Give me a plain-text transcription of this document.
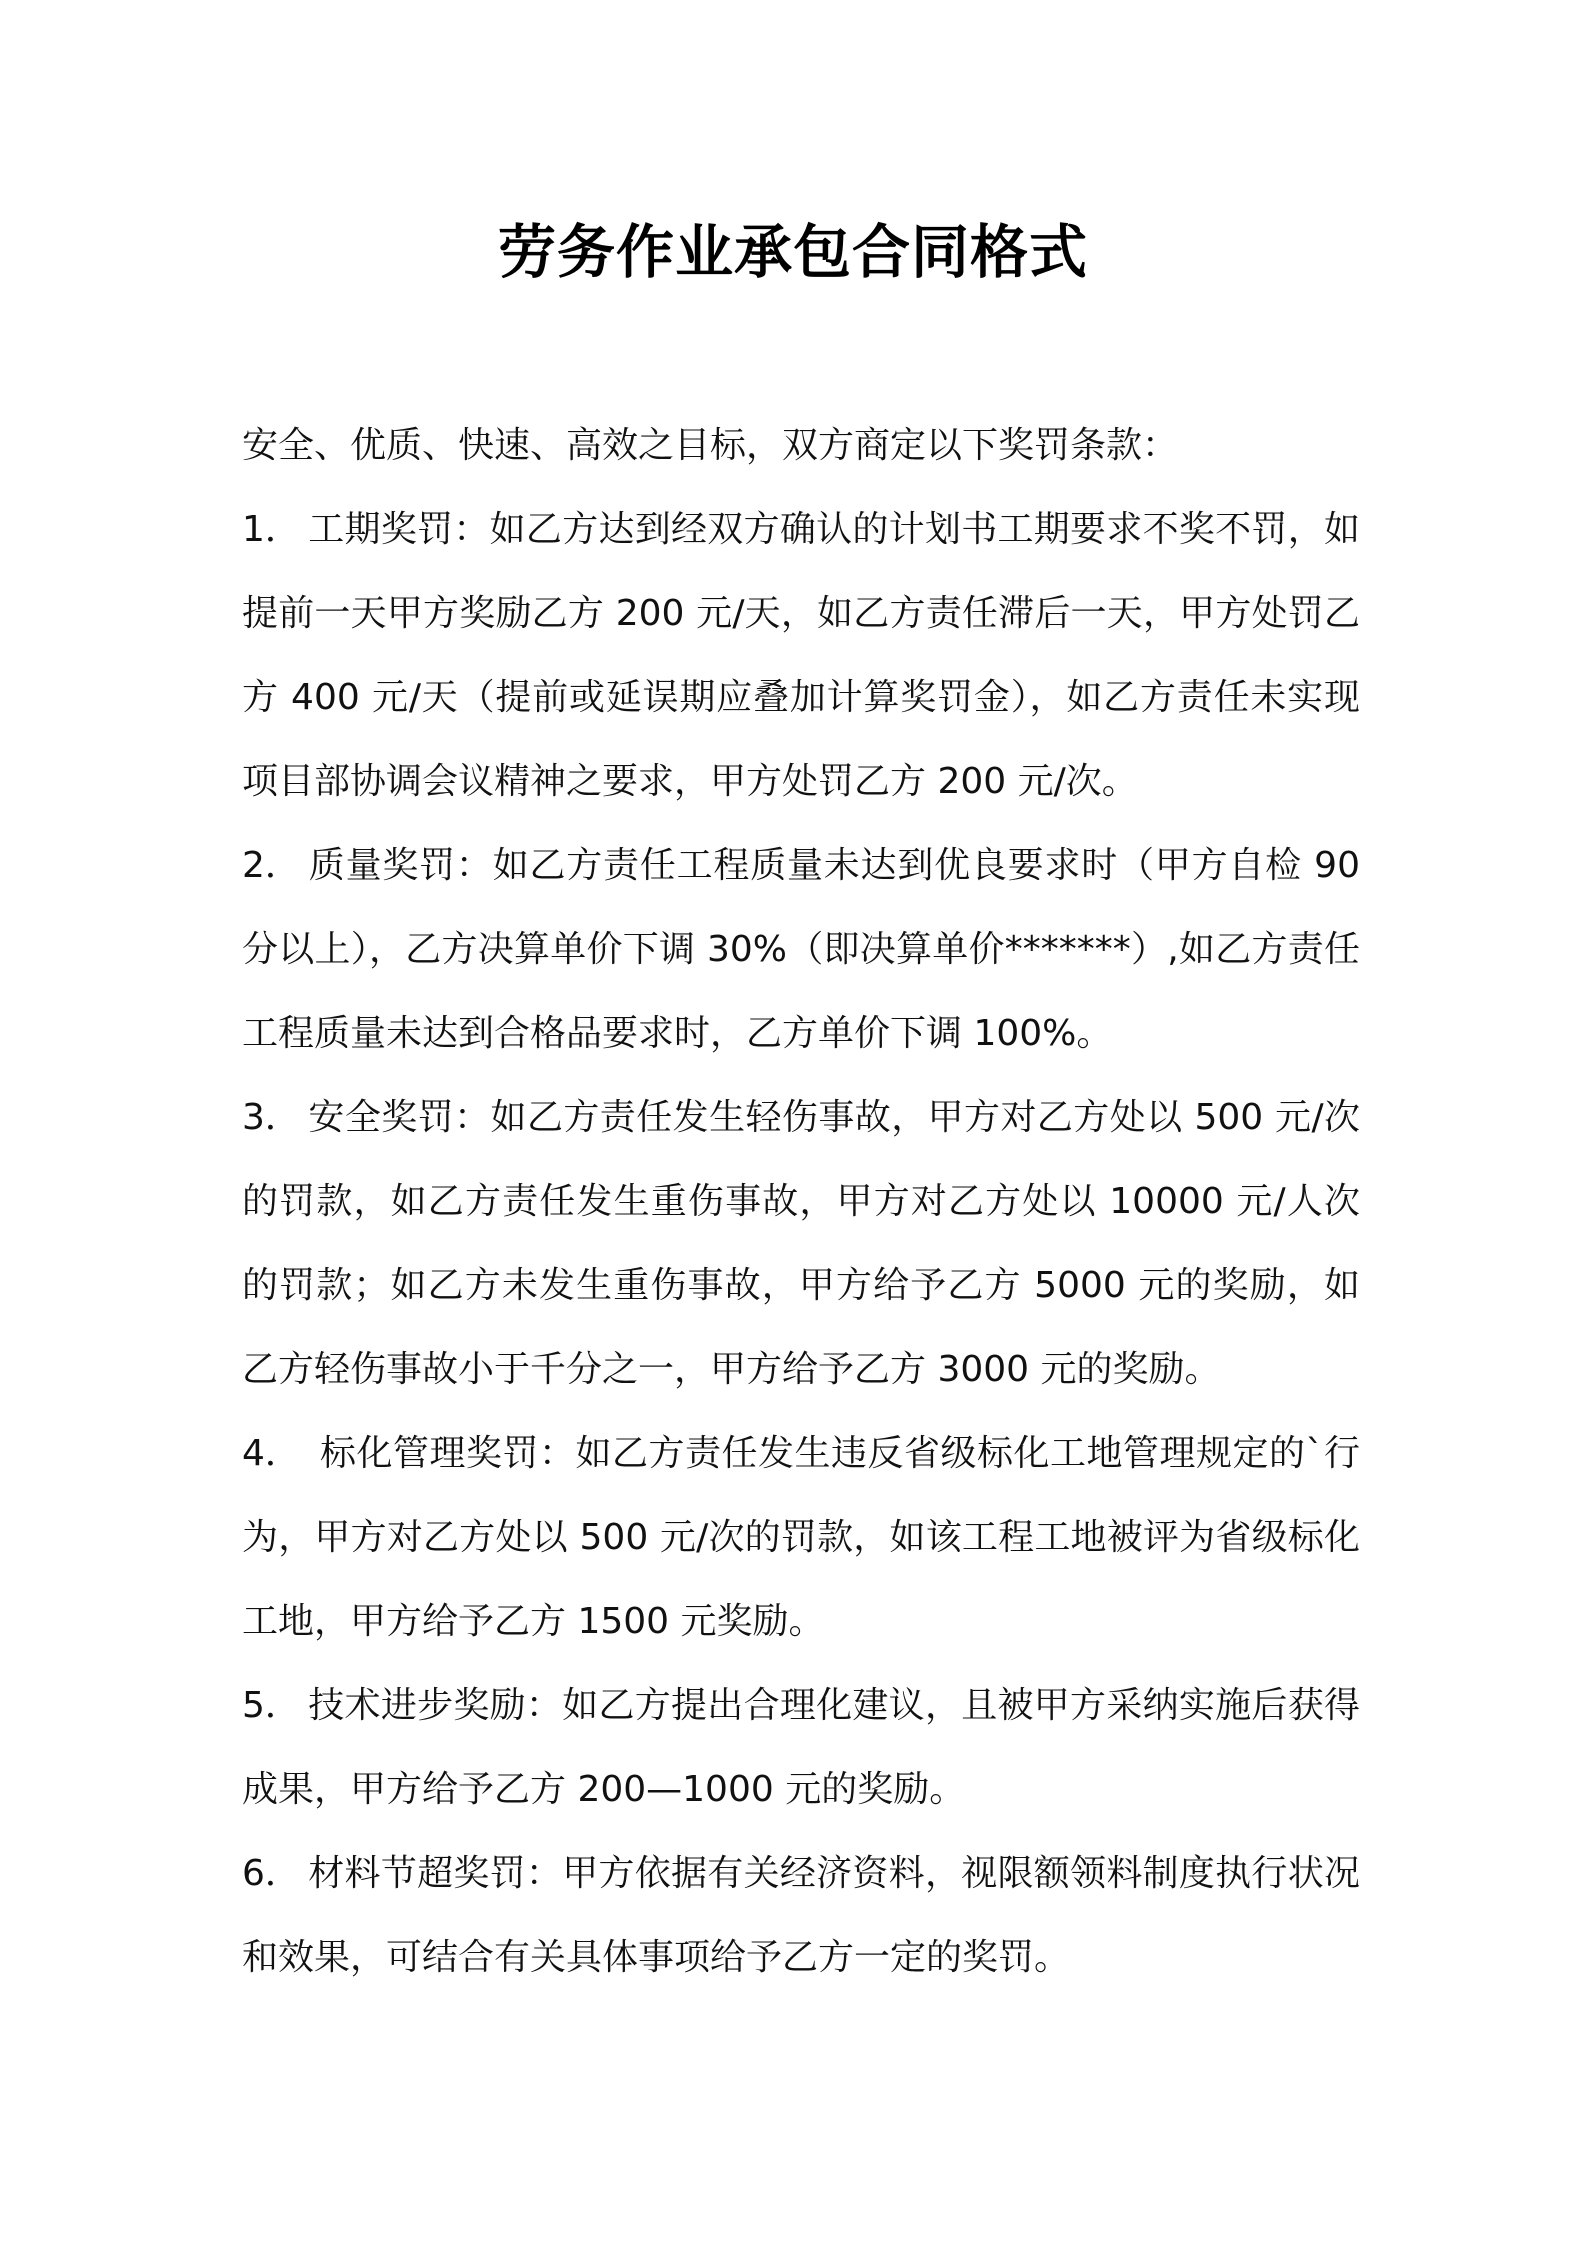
劳务作业承包合同格式

安全、优质、快速、高效之目标，双方商定以下奖罚条款：

1． 工期奖罚：如乙方达到经双方确认的计划书工期要求不奖不罚，如提前一天甲方奖励乙方 200 元/天，如乙方责任滞后一天，甲方处罚乙方 400 元/天（提前或延误期应叠加计算奖罚金），如乙方责任未实现项目部协调会议精神之要求，甲方处罚乙方 200 元/次。

2． 质量奖罚：如乙方责任工程质量未达到优良要求时（甲方自检 90 分以上），乙方决算单价下调 30%（即决算单价*******）,如乙方责任工程质量未达到合格品要求时，乙方单价下调 100%。

3． 安全奖罚：如乙方责任发生轻伤事故，甲方对乙方处以 500 元/次的罚款，如乙方责任发生重伤事故，甲方对乙方处以 10000 元/人次的罚款；如乙方未发生重伤事故，甲方给予乙方 5000 元的奖励，如乙方轻伤事故小于千分之一，甲方给予乙方 3000 元的奖励。

4． 标化管理奖罚：如乙方责任发生违反省级标化工地管理规定的`行为，甲方对乙方处以 500 元/次的罚款，如该工程工地被评为省级标化工地，甲方给予乙方 1500 元奖励。

5． 技术进步奖励：如乙方提出合理化建议，且被甲方采纳实施后获得成果，甲方给予乙方 200—1000 元的奖励。

6． 材料节超奖罚：甲方依据有关经济资料，视限额领料制度执行状况和效果，可结合有关具体事项给予乙方一定的奖罚。
